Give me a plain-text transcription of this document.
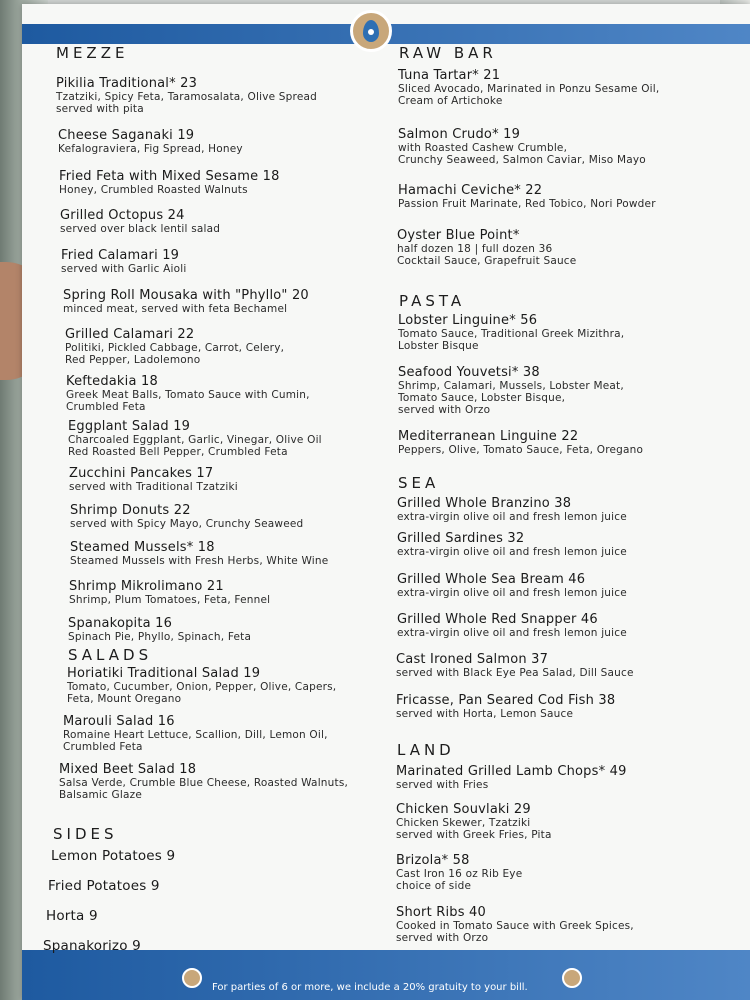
For parties of 6 or more, we include a 20% gratuity to your bill.
MEZZE
Pikilia Traditional* 23
Tzatziki, Spicy Feta, Taramosalata, Olive Spread
served with pita
Cheese Saganaki 19
Kefalograviera, Fig Spread, Honey
Fried Feta with Mixed Sesame 18
Honey, Crumbled Roasted Walnuts
Grilled Octopus 24
served over black lentil salad
Fried Calamari 19
served with Garlic Aioli
Spring Roll Mousaka with "Phyllo" 20
minced meat, served with feta Bechamel
Grilled Calamari 22
Politiki, Pickled Cabbage, Carrot, Celery,
Red Pepper, Ladolemono
Keftedakia 18
Greek Meat Balls, Tomato Sauce with Cumin,
Crumbled Feta
Eggplant Salad 19
Charcoaled Eggplant, Garlic, Vinegar, Olive Oil
Red Roasted Bell Pepper, Crumbled Feta
Zucchini Pancakes 17
served with Traditional Tzatziki
Shrimp Donuts 22
served with Spicy Mayo, Crunchy Seaweed
Steamed Mussels* 18
Steamed Mussels with Fresh Herbs, White Wine
Shrimp Mikrolimano 21
Shrimp, Plum Tomatoes, Feta, Fennel
Spanakopita 16
Spinach Pie, Phyllo, Spinach, Feta
SALADS
Horiatiki Traditional Salad 19
Tomato, Cucumber, Onion, Pepper, Olive, Capers,
Feta, Mount Oregano
Marouli Salad 16
Romaine Heart Lettuce, Scallion, Dill, Lemon Oil,
Crumbled Feta
Mixed Beet Salad 18
Salsa Verde, Crumble Blue Cheese, Roasted Walnuts,
Balsamic Glaze
SIDES
Lemon Potatoes 9
Fried Potatoes 9
Horta 9
Spanakorizo 9
RAW BAR
Tuna Tartar* 21
Sliced Avocado, Marinated in Ponzu Sesame Oil,
Cream of Artichoke
Salmon Crudo* 19
with Roasted Cashew Crumble,
Crunchy Seaweed, Salmon Caviar, Miso Mayo
Hamachi Ceviche* 22
Passion Fruit Marinate, Red Tobico, Nori Powder
Oyster Blue Point*
half dozen 18 | full dozen 36
Cocktail Sauce, Grapefruit Sauce
PASTA
Lobster Linguine* 56
Tomato Sauce, Traditional Greek Mizithra,
Lobster Bisque
Seafood Youvetsi* 38
Shrimp, Calamari, Mussels, Lobster Meat,
Tomato Sauce, Lobster Bisque,
served with Orzo
Mediterranean Linguine 22
Peppers, Olive, Tomato Sauce, Feta, Oregano
SEA
Grilled Whole Branzino 38
extra-virgin olive oil and fresh lemon juice
Grilled Sardines 32
extra-virgin olive oil and fresh lemon juice
Grilled Whole Sea Bream 46
extra-virgin olive oil and fresh lemon juice
Grilled Whole Red Snapper 46
extra-virgin olive oil and fresh lemon juice
Cast Ironed Salmon 37
served with Black Eye Pea Salad, Dill Sauce
Fricasse, Pan Seared Cod Fish 38
served with Horta, Lemon Sauce
LAND
Marinated Grilled Lamb Chops* 49
served with Fries
Chicken Souvlaki 29
Chicken Skewer, Tzatziki
served with Greek Fries, Pita
Brizola* 58
Cast Iron 16 oz Rib Eye
choice of side
Short Ribs 40
Cooked in Tomato Sauce with Greek Spices,
served with Orzo
